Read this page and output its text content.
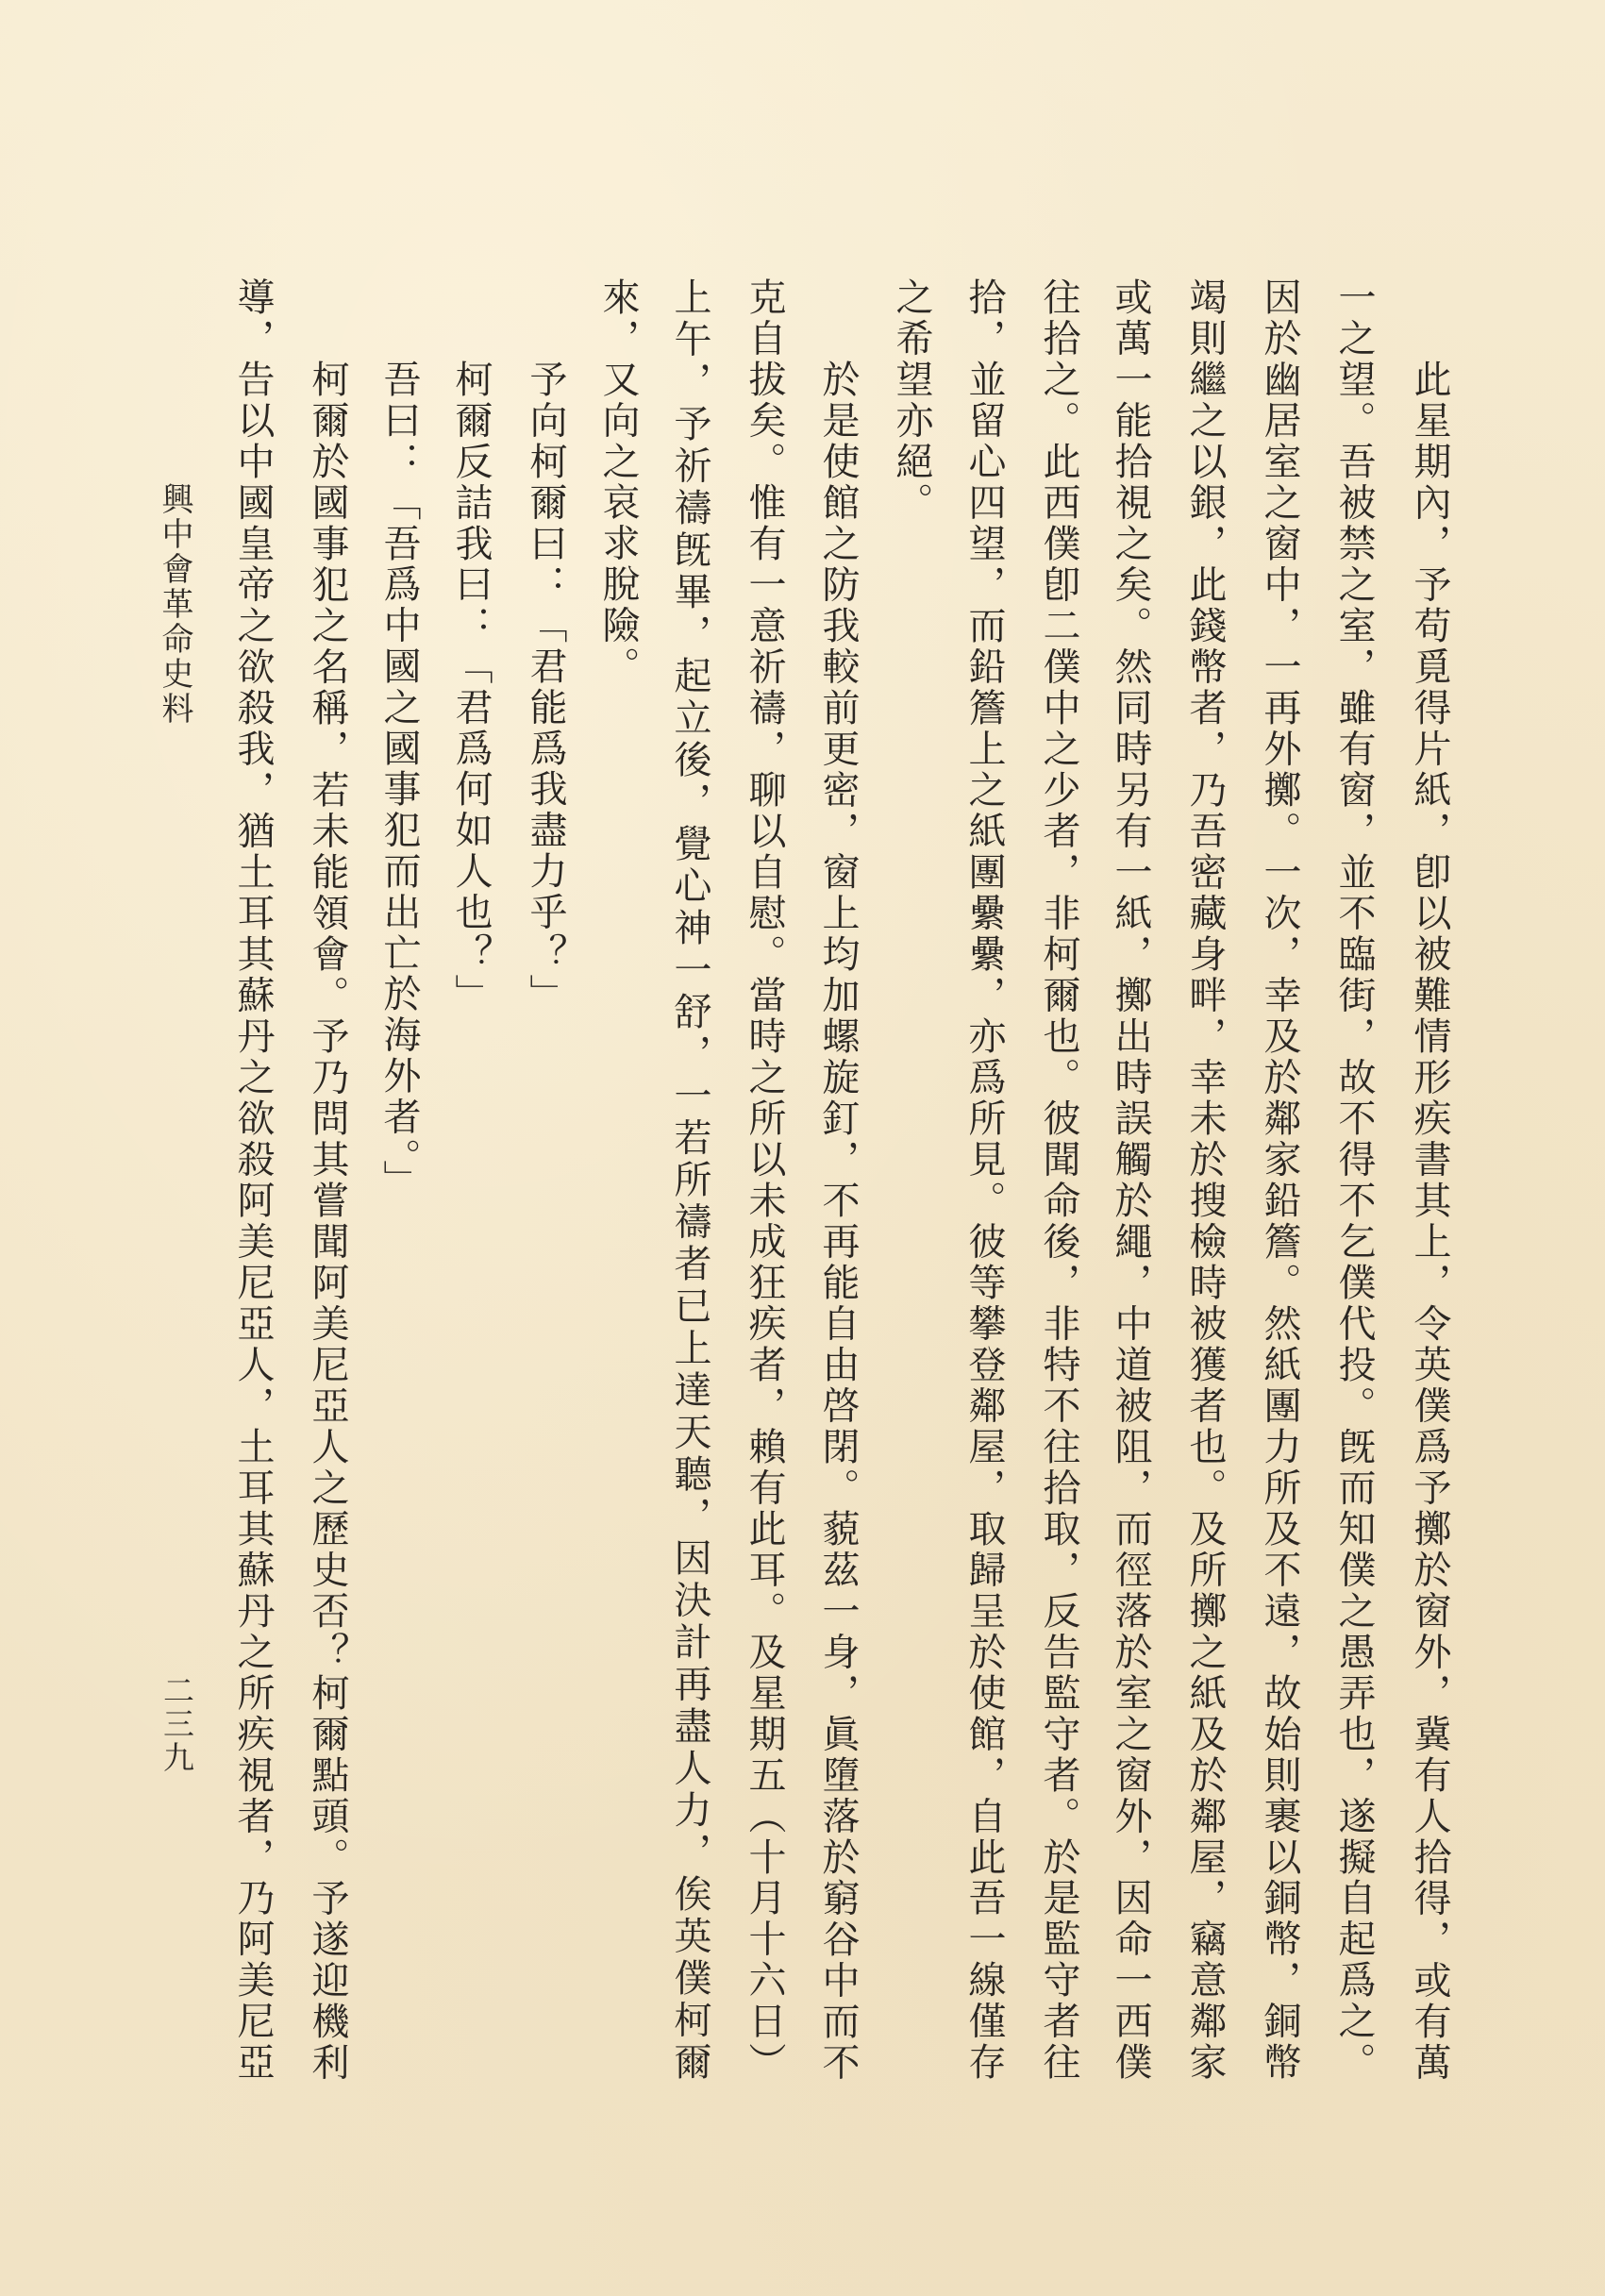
此星期內，予苟覓得片紙，卽以被難情形疾書其上，令英僕爲予擲於窗外，冀有人拾得，或有萬
一之望。吾被禁之室，雖有窗，並不臨街，故不得不乞僕代投。旣而知僕之愚弄也，遂擬自起爲之。
因於幽居室之窗中，一再外擲。一次，幸及於鄰家鉛簷。然紙團力所及不遠，故始則裹以銅幣，銅幣
竭則繼之以銀，此錢幣者，乃吾密藏身畔，幸未於搜檢時被獲者也。及所擲之紙及於鄰屋，竊意鄰家
或萬一能拾視之矣。然同時另有一紙，擲出時誤觸於繩，中道被阻，而徑落於室之窗外，因命一西僕
往拾之。此西僕卽二僕中之少者，非柯爾也。彼聞命後，非特不往拾取，反告監守者。於是監守者往
拾，並留心四望，而鉛簷上之紙團纍纍，亦爲所見。彼等攀登鄰屋，取歸呈於使館，自此吾一線僅存
之希望亦絕。
於是使館之防我較前更密，窗上均加螺旋釘，不再能自由啓閉。藐茲一身，眞墮落於窮谷中而不
克自拔矣。惟有一意祈禱，聊以自慰。當時之所以未成狂疾者，賴有此耳。及星期五（十月十六日）
上午，予祈禱旣畢，起立後，覺心神一舒，一若所禱者已上達天聽，因決計再盡人力，俟英僕柯爾
來，又向之哀求脫險。
予向柯爾曰：「君能爲我盡力乎？」
柯爾反詰我曰：「君爲何如人也？」
吾曰：「吾爲中國之國事犯而出亡於海外者。」
柯爾於國事犯之名稱，若未能領會。予乃問其嘗聞阿美尼亞人之歷史否？柯爾點頭。予遂迎機利
導，告以中國皇帝之欲殺我，猶土耳其蘇丹之欲殺阿美尼亞人，土耳其蘇丹之所疾視者，乃阿美尼亞
興中會革命史料
二三九
